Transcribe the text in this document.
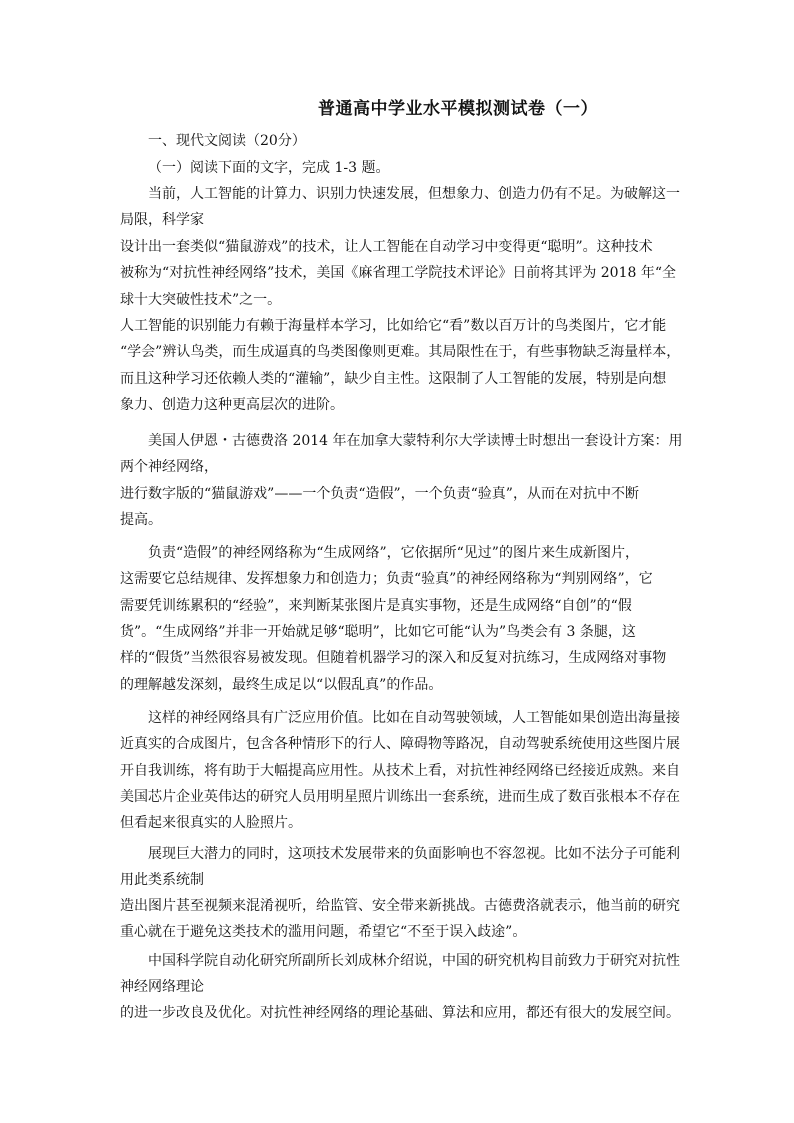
普通高中学业水平模拟测试卷（一）
一、现代文阅读（20分）
（一）阅读下面的文字，完成 1-3 题。
当前，人工智能的计算力、识别力快速发展，但想象力、创造力仍有不足。为破解这一
局限，科学家
设计出一套类似“猫鼠游戏”的技术，让人工智能在自动学习中变得更“聪明”。这种技术
被称为“对抗性神经网络”技术，美国《麻省理工学院技术评论》日前将其评为 2018 年“全
球十大突破性技术”之一。
人工智能的识别能力有赖于海量样本学习，比如给它“看”数以百万计的鸟类图片，它才能
“学会”辨认鸟类，而生成逼真的鸟类图像则更难。其局限性在于，有些事物缺乏海量样本，
而且这种学习还依赖人类的“灌输”，缺少自主性。这限制了人工智能的发展，特别是向想
象力、创造力这种更高层次的进阶。
美国人伊恩・古德费洛 2014 年在加拿大蒙特利尔大学读博士时想出一套设计方案：用
两个神经网络，
进行数字版的“猫鼠游戏”——一个负责“造假”，一个负责“验真”，从而在对抗中不断
提高。
负责“造假”的神经网络称为“生成网络”，它依据所“见过”的图片来生成新图片，
这需要它总结规律、发挥想象力和创造力；负责“验真”的神经网络称为“判别网络”，它
需要凭训练累积的“经验”，来判断某张图片是真实事物，还是生成网络“自创”的“假
货”。“生成网络”并非一开始就足够“聪明”，比如它可能“认为”鸟类会有 3 条腿，这
样的“假货”当然很容易被发现。但随着机器学习的深入和反复对抗练习，生成网络对事物
的理解越发深刻，最终生成足以“以假乱真”的作品。
这样的神经网络具有广泛应用价值。比如在自动驾驶领域，人工智能如果创造出海量接
近真实的合成图片，包含各种情形下的行人、障碍物等路况，自动驾驶系统使用这些图片展
开自我训练，将有助于大幅提高应用性。从技术上看，对抗性神经网络已经接近成熟。来自
美国芯片企业英伟达的研究人员用明星照片训练出一套系统，进而生成了数百张根本不存在
但看起来很真实的人脸照片。
展现巨大潜力的同时，这项技术发展带来的负面影响也不容忽视。比如不法分子可能利
用此类系统制
造出图片甚至视频来混淆视听，给监管、安全带来新挑战。古德费洛就表示，他当前的研究
重心就在于避免这类技术的滥用问题，希望它“不至于误入歧途”。
中国科学院自动化研究所副所长刘成林介绍说，中国的研究机构目前致力于研究对抗性
神经网络理论
的进一步改良及优化。对抗性神经网络的理论基础、算法和应用，都还有很大的发展空间。
